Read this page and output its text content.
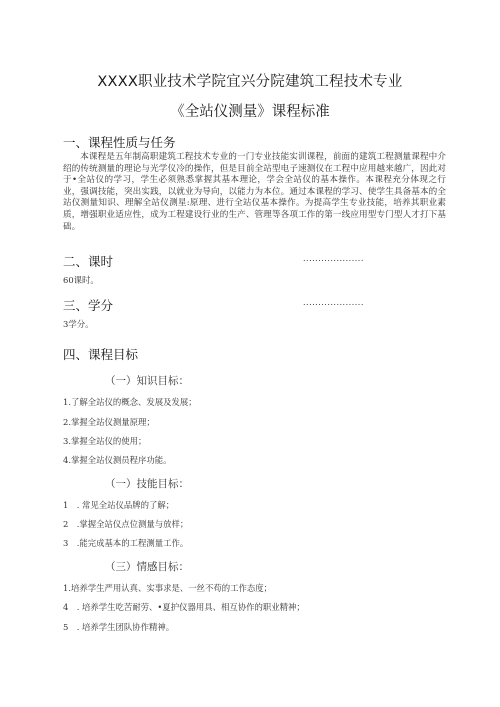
XXXX职业技术学院宜兴分院建筑工程技术专业
《全站仪测量》课程标准
一、课程性质与任务
本课程是五年制高职建筑工程技术专业的一门专业技能实训课程，前面的建筑工程测量课程中介绍的传统测量的理论与光学仪冷的操作，但是目前全站型电子速测仪在工程中应用越来越广，因此对于•全站仪的学习，学生必须熟悉掌握其基本理论，学会全站仪的基本操作。本课程充分体现之行业，强调技能，突出实践，以就业为导向，以能力为本位。通过本课程的学习、使学生具备基本的全站仪测量知识、理解全站仪测星:原理、进行全站仪基本操作。为提高学生专业技能，培养其职业素质，增强职业适应性，成为工程建设行业的生产、管理等各项工作的第一线应用型专门型人才打下基础。
二、课时	....................
60课时。
三、学分	....................
3学分。
四、课程目标
（一）知识目标：
1.了解全站仪的概念、发展及发展；
2.掌握全站仪测量原理；
3.掌握全站仪的使用；
4.掌握全站仪测员程序功能。
（一）技能目标：
1　. 常见全站仪品牌的了解；
2　.掌握全站仪点位测量与放样；
3　.能完成基本的工程测量工作。
（三）情感目标：
1.培养学生严用认真、实事求是、一丝不苟的工作态度；
4　. 培养学生吃苦耐劳、•夏护仪器用具、相互协作的职业精神；
5　. 培养学生团队协作精神。
